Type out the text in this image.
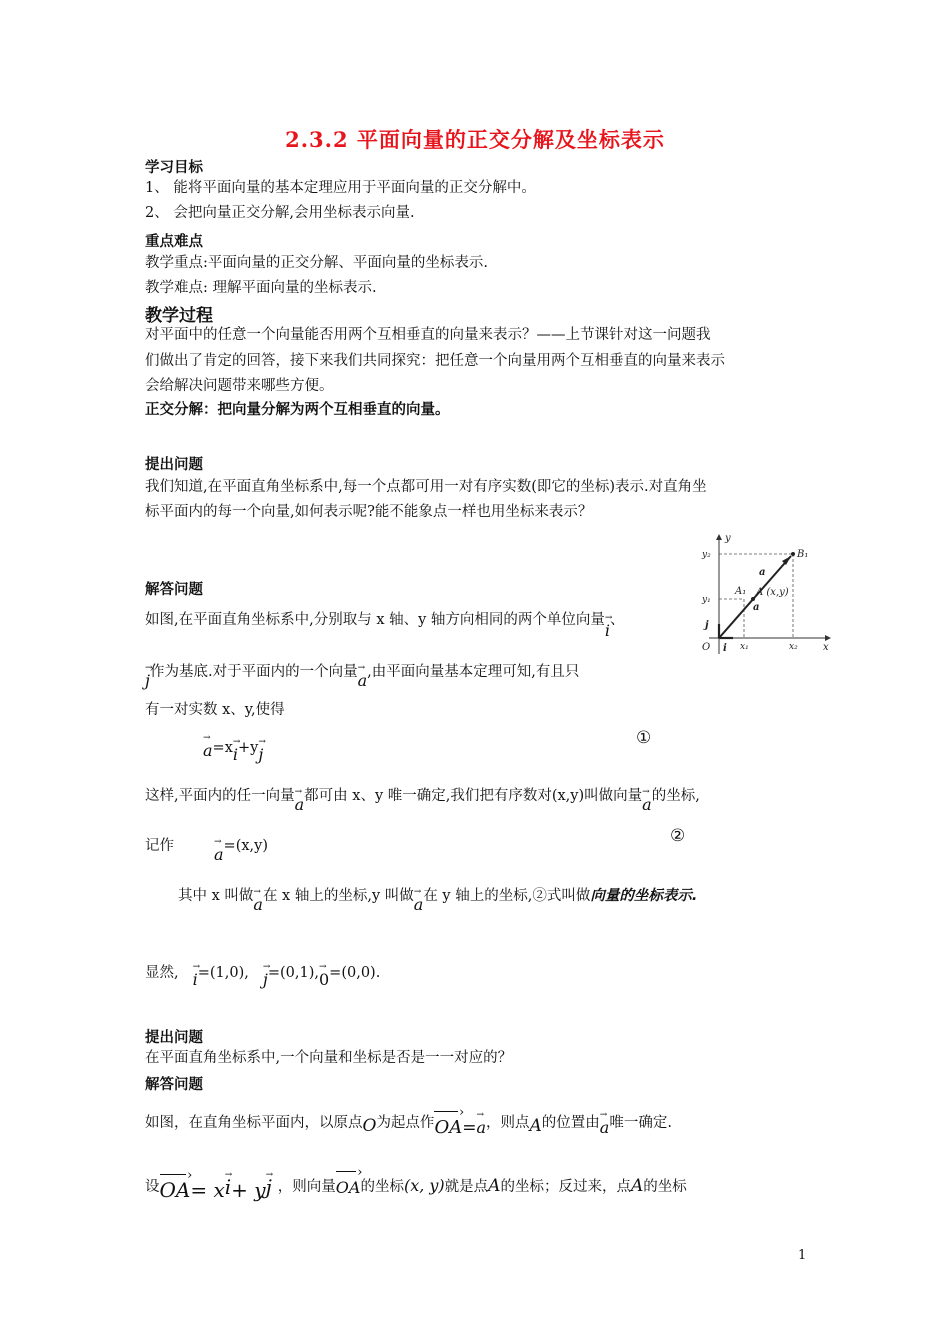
2.3.2 平面向量的正交分解及坐标表示
学习目标
1、 能将平面向量的基本定理应用于平面向量的正交分解中。
2、 会把向量正交分解,会用坐标表示向量.
重点难点
教学重点:平面向量的正交分解、平面向量的坐标表示.
教学难点: 理解平面向量的坐标表示.
教学过程
对平面中的任意一个向量能否用两个互相垂直的向量来表示？——上节课针对这一问题我
们做出了肯定的回答，接下来我们共同探究：把任意一个向量用两个互相垂直的向量来表示
会给解决问题带来哪些方便。
正交分解：把向量分解为两个互相垂直的向量。
提出问题
我们知道,在平面直角坐标系中,每一个点都可用一对有序实数(即它的坐标)表示.对直角坐
标平面内的每一个向量,如何表示呢?能不能象点一样也用坐标来表示？
y
x
y₂
y₁
x₁	x₂
B₁
A₁ A (x,y)
a
a
O i
j
解答问题
如图,在平面直角坐标系中,分别取与 x 轴、y 轴方向相同的两个单位向量→ i、
→ j作为基底.对于平面内的一个向量→ a,由平面向量基本定理可知,有且只
有一对实数 x、y,使得
→ a=x→ i+y→ j
①
这样,平面内的任一向量→ a都可由 x、y 唯一确定,我们把有序数对(x,y)叫做向量→ a的坐标,
记作	→ a=(x,y)	②
其中 x 叫做→ a在 x 轴上的坐标,y 叫做→ a在 y 轴上的坐标,②式叫做向量的坐标表示.
显然, → i=(1,0), → j=(0,1),→ 0=(0,0).
提出问题
在平面直角坐标系中,一个向量和坐标是否是一一对应的？
解答问题
如图，在直角坐标平面内，以原点O为起点作
›
OA=→ a，则点A的位置由→ a唯一确定.
设
›
OA= x→ i+ y→ j ，则向量
›
OA的坐标(x, y)就是点A的坐标；反过来，点A的坐标
1
